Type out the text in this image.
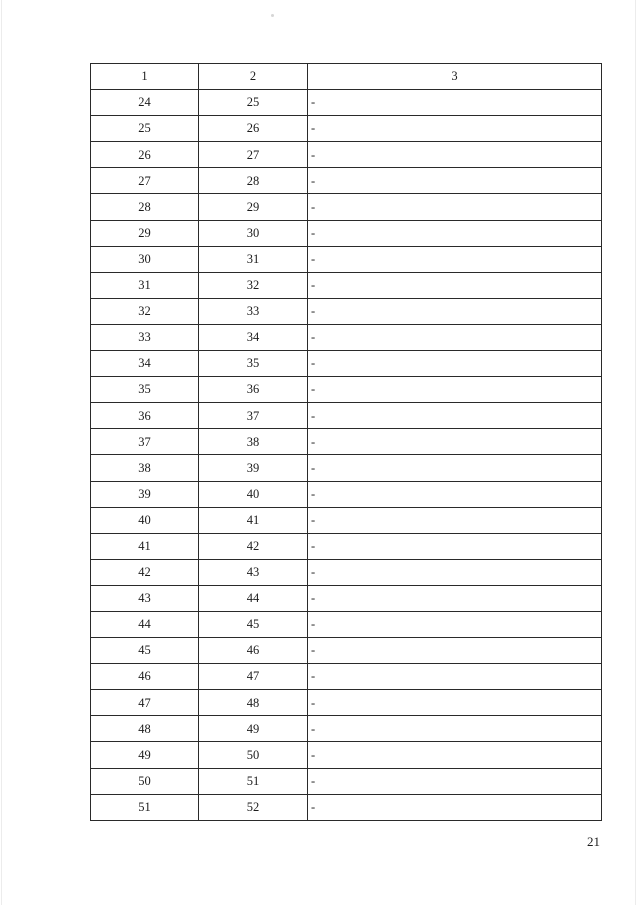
1	2	3
24	25	-
25	26	-
26	27	-
27	28	-
28	29	-
29	30	-
30	31	-
31	32	-
32	33	-
33	34	-
34	35	-
35	36	-
36	37	-
37	38	-
38	39	-
39	40	-
40	41	-
41	42	-
42	43	-
43	44	-
44	45	-
45	46	-
46	47	-
47	48	-
48	49	-
49	50	-
50	51	-
51	52	-
21
